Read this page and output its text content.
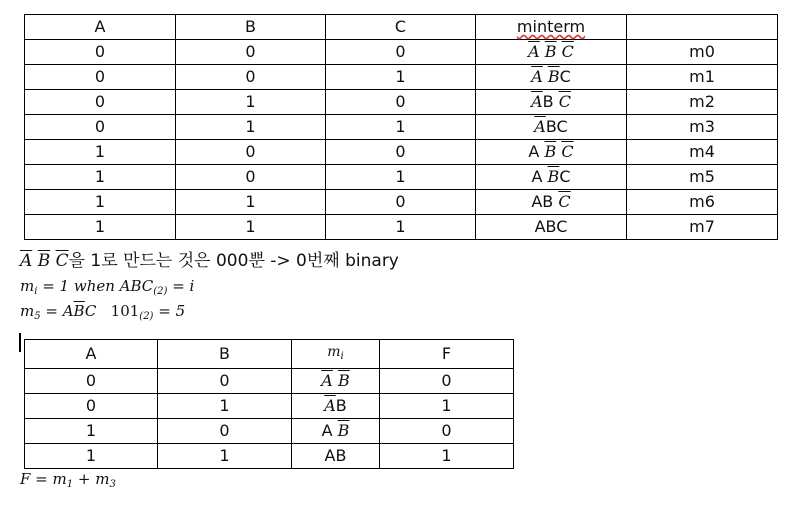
A	B	C	minterm	
0	0	0	$\overline{A}$ $\overline{B}$ $\overline{C}$	m0
0	0	1	$\overline{A}$ $\overline{B}C$	m1
0	1	0	$\overline{A}B$ $\overline{C}$	m2
0	1	1	$\overline{A}BC$	m3
1	0	0	A $\overline{B}$ $\overline{C}$	m4
1	0	1	A $\overline{B}C$	m5
1	1	0	AB $\overline{C}$	m6
1	1	1	ABC	m7
$\overline{A}$ $\overline{B}$ $\overline{C}$을 1로 만드는 것은 000뿐 -> 0번째 binary
$m_i = 1$ when $ABC_{(2)} = i$
$m_5 = A\overline{B}C$ $101_{(2)} = 5$
A	B	$m_i$	F
0	0	$\overline{A}$ $\overline{B}$	0
0	1	$\overline{A}B$	1
1	0	A $\overline{B}$	0
1	1	AB	1
$F = m_1 + m_3$
